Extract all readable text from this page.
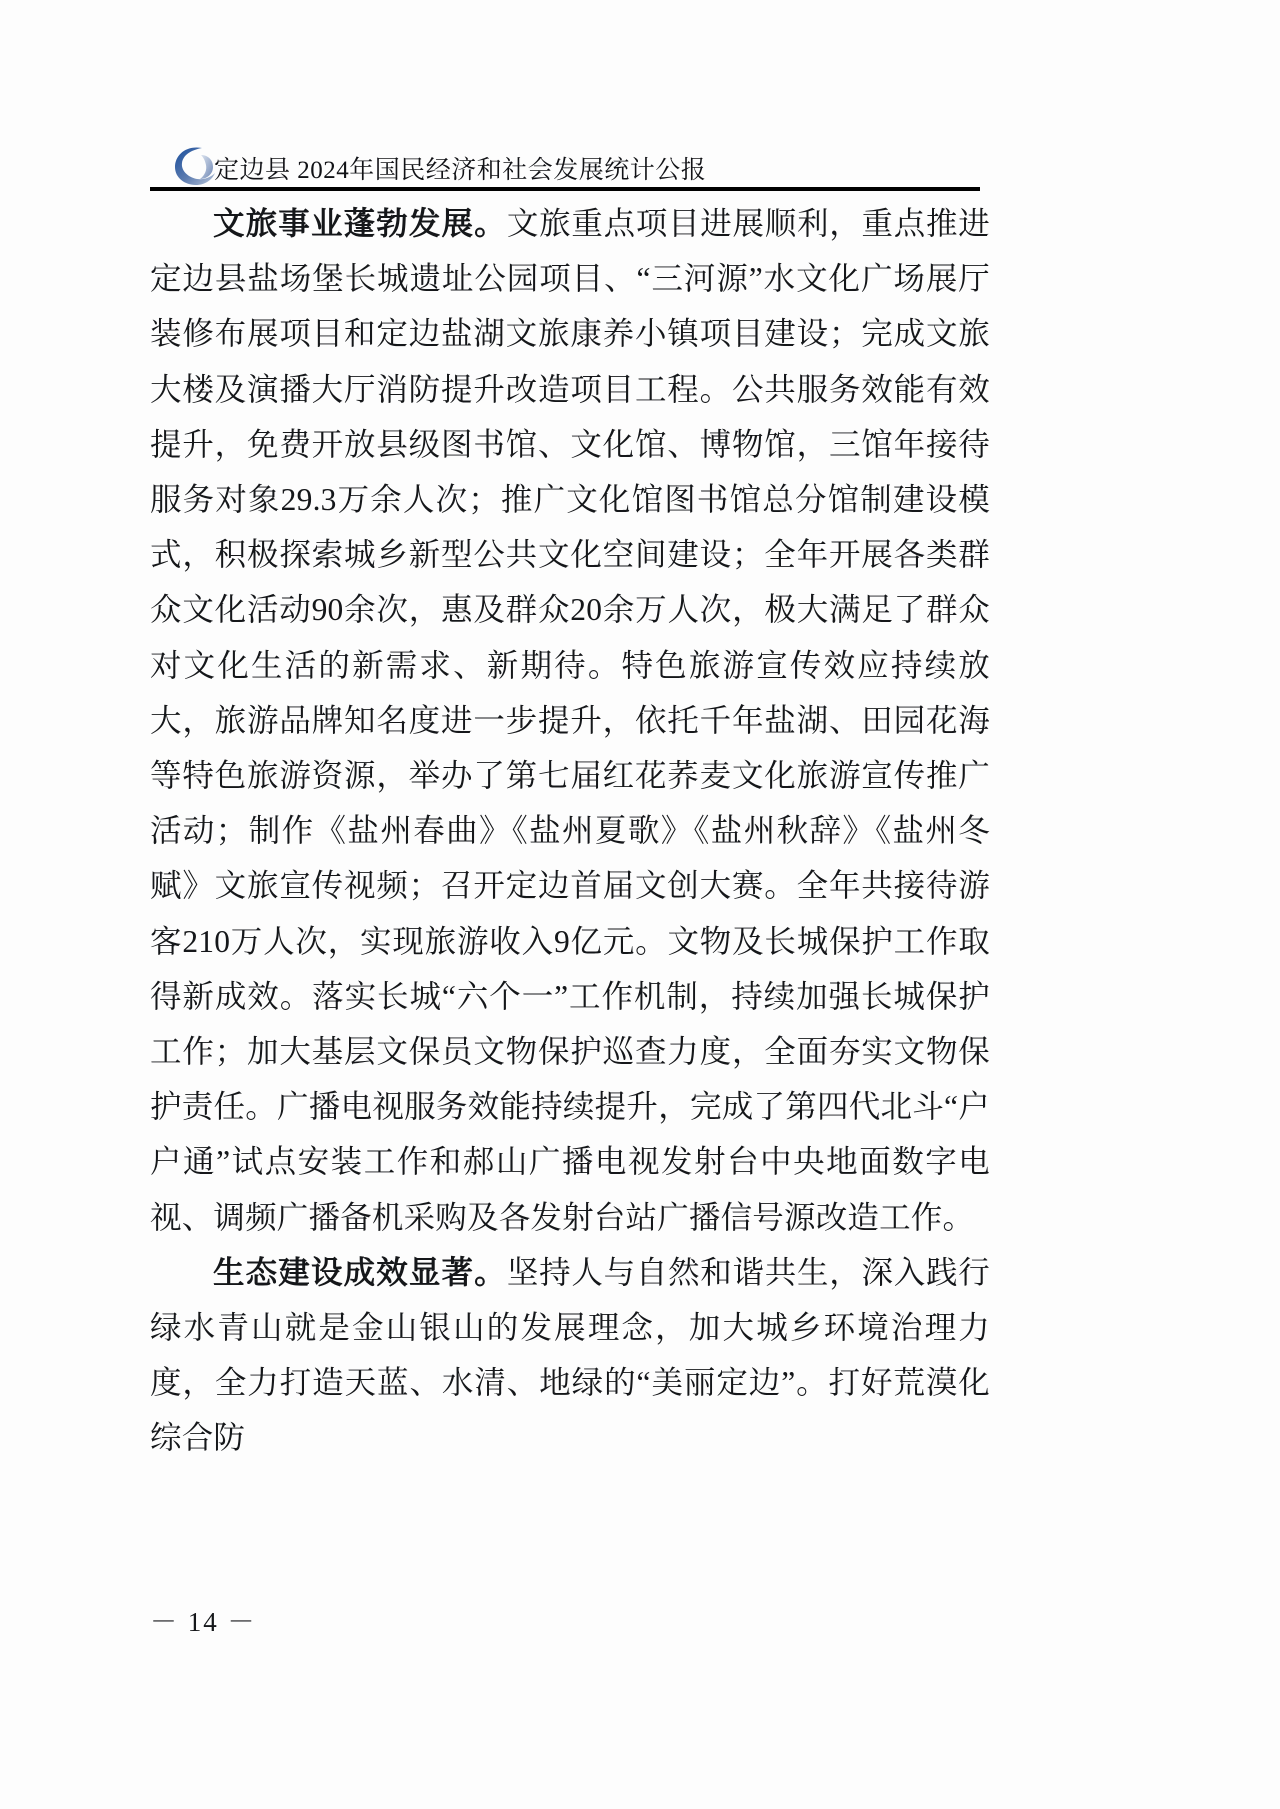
定边县 2024年国民经济和社会发展统计公报

文旅事业蓬勃发展。文旅重点项目进展顺利，重点推进定边县盐场堡长城遗址公园项目、“三河源”水文化广场展厅装修布展项目和定边盐湖文旅康养小镇项目建设；完成文旅大楼及演播大厅消防提升改造项目工程。公共服务效能有效提升，免费开放县级图书馆、文化馆、博物馆，三馆年接待服务对象29.3万余人次；推广文化馆图书馆总分馆制建设模式，积极探索城乡新型公共文化空间建设；全年开展各类群众文化活动90余次，惠及群众20余万人次，极大满足了群众对文化生活的新需求、新期待。特色旅游宣传效应持续放大，旅游品牌知名度进一步提升，依托千年盐湖、田园花海等特色旅游资源，举办了第七届红花荞麦文化旅游宣传推广活动；制作《盐州春曲》《盐州夏歌》《盐州秋辞》《盐州冬赋》文旅宣传视频；召开定边首届文创大赛。全年共接待游客210万人次，实现旅游收入9亿元。文物及长城保护工作取得新成效。落实长城“六个一”工作机制，持续加强长城保护工作；加大基层文保员文物保护巡查力度，全面夯实文物保护责任。广播电视服务效能持续提升，完成了第四代北斗“户户通”试点安装工作和郝山广播电视发射台中央地面数字电视、调频广播备机采购及各发射台站广播信号源改造工作。

生态建设成效显著。坚持人与自然和谐共生，深入践行绿水青山就是金山银山的发展理念，加大城乡环境治理力度，全力打造天蓝、水清、地绿的“美丽定边”。打好荒漠化综合防

－ 14 －
